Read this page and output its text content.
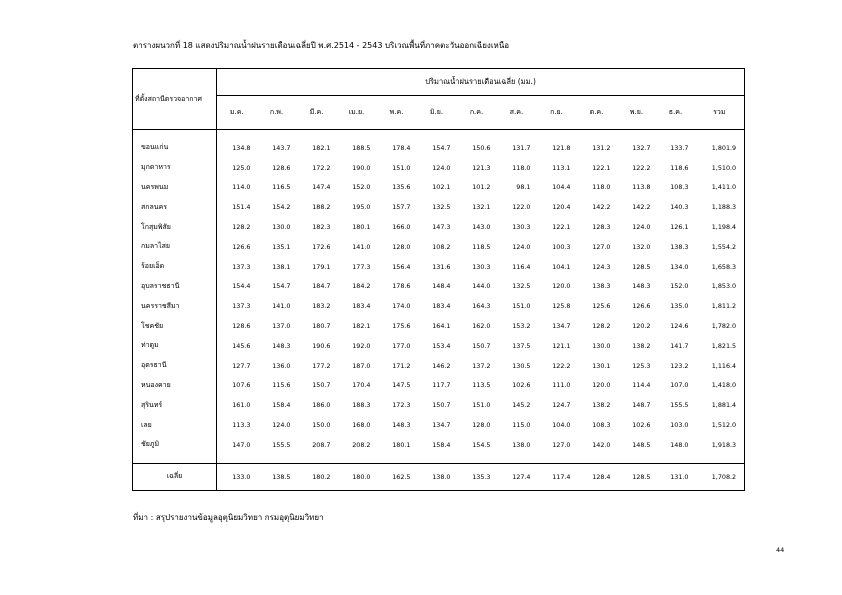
ตารางผนวกที่ 18 แสดงปริมาณน้ำฝนรายเดือนเฉลี่ยปี พ.ศ.2514 - 2543 บริเวณพื้นที่ภาคตะวันออกเฉียงเหนือ
ที่ตั้งสถานีตรวจอากาศ	ปริมาณน้ำฝนรายเดือนเฉลี่ย (มม.)												
	ม.ค.	ก.พ.	มี.ค.	เม.ย.	พ.ค.	มิ.ย.	ก.ค.	ส.ค.	ก.ย.	ต.ค.	พ.ย.	ธ.ค.	รวม

ขอนแก่น	134.8	143.7	182.1	188.5	178.4	154.7	150.6	131.7	121.8	131.2	132.7	133.7	1,801.9
มุกดาหาร	125.0	128.6	172.2	190.0	151.0	124.0	121.3	118.0	113.1	122.1	122.2	118.6	1,510.0
นครพนม	114.0	116.5	147.4	152.0	135.6	102.1	101.2	98.1	104.4	118.0	113.8	108.3	1,411.0
สกลนคร	151.4	154.2	188.2	195.0	157.7	132.5	132.1	122.0	120.4	142.2	142.2	140.3	1,188.3
โกสุมพิสัย	128.2	130.0	182.3	180.1	166.0	147.3	143.0	130.3	122.1	128.3	124.0	126.1	1,198.4
กมลาไสย	126.6	135.1	172.6	141.0	128.0	108.2	118.5	124.0	100.3	127.0	132.0	138.3	1,554.2
ร้อยเอ็ด	137.3	138.1	179.1	177.3	156.4	131.6	130.3	116.4	104.1	124.3	128.5	134.0	1,658.3
อุบลราชธานี	154.4	154.7	184.7	184.2	178.6	148.4	144.0	132.5	120.0	138.3	148.3	152.0	1,853.0
นครราชสีมา	137.3	141.0	183.2	183.4	174.0	183.4	164.3	151.0	125.8	125.6	126.6	135.0	1,811.2
โชคชัย	128.6	137.0	180.7	182.1	175.6	164.1	162.0	153.2	134.7	128.2	120.2	124.6	1,782.0
ท่าตูม	145.6	148.3	190.6	192.0	177.0	153.4	150.7	137.5	121.1	130.0	138.2	141.7	1,821.5
อุดรธานี	127.7	136.0	177.2	187.0	171.2	146.2	137.2	130.5	122.2	130.1	125.3	123.2	1,116.4
หนองคาย	107.6	115.6	150.7	170.4	147.5	117.7	113.5	102.6	111.0	120.0	114.4	107.0	1,418.0
สุรินทร์	161.0	158.4	186.0	188.3	172.3	150.7	151.0	145.2	124.7	138.2	148.7	155.5	1,881.4
เลย	113.3	124.0	150.0	168.0	148.3	134.7	128.0	115.0	104.0	108.3	102.6	103.0	1,512.0
ชัยภูมิ	147.0	155.5	208.7	208.2	180.1	158.4	154.5	138.0	127.0	142.0	148.5	148.0	1,918.3

เฉลี่ย	133.0	138.5	180.2	180.0	162.5	138.0	135.3	127.4	117.4	128.4	128.5	131.0	1,708.2
ที่มา : สรุปรายงานข้อมูลอุตุนิยมวิทยา กรมอุตุนิยมวิทยา
44
